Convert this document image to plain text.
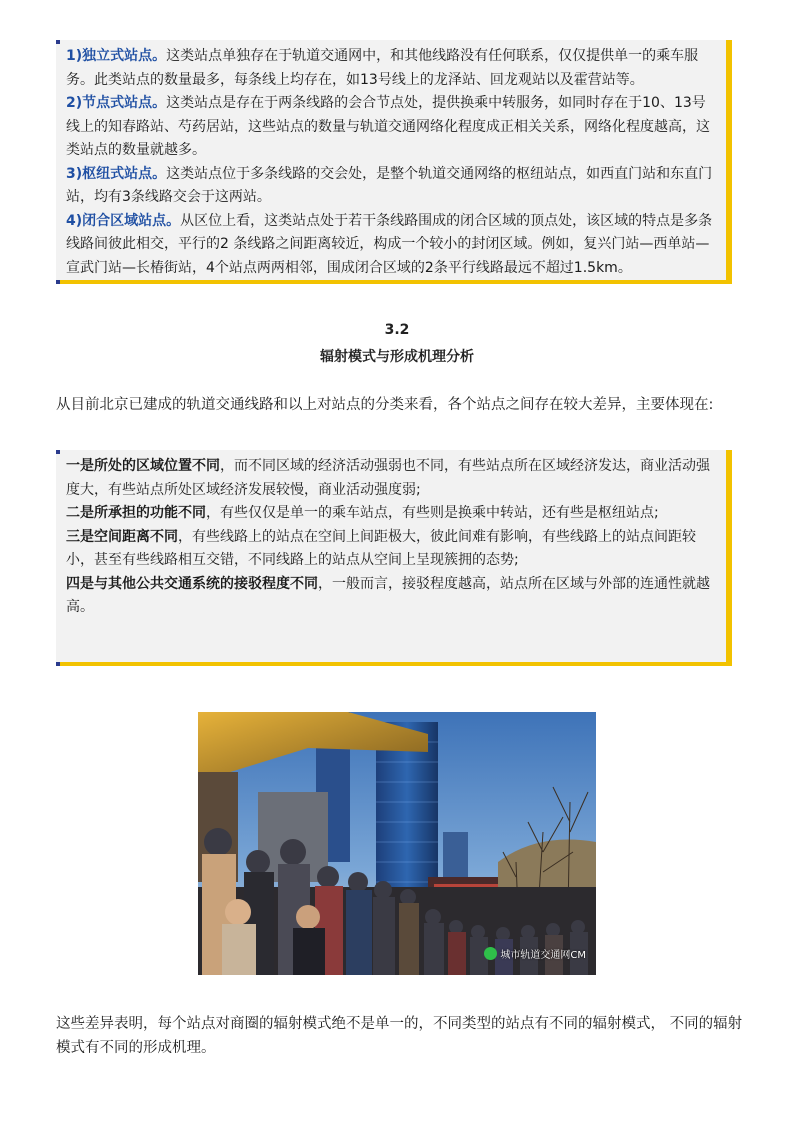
1)独立式站点。这类站点单独存在于轨道交通网中，和其他线路没有任何联系，仅仅提供单一的乘车服务。此类站点的数量最多，每条线上均存在，如13号线上的龙泽站、回龙观站以及霍营站等。

2)节点式站点。这类站点是存在于两条线路的会合节点处，提供换乘中转服务，如同时存在于10、13号线上的知春路站、芍药居站，这些站点的数量与轨道交通网络化程度成正相关关系，网络化程度越高，这类站点的数量就越多。

3)枢纽式站点。这类站点位于多条线路的交会处，是整个轨道交通网络的枢纽站点，如西直门站和东直门站，均有3条线路交会于这两站。

4)闭合区域站点。从区位上看，这类站点处于若干条线路围成的闭合区域的顶点处，该区域的特点是多条线路间彼此相交，平行的2 条线路之间距离较近，构成一个较小的封闭区域。例如，复兴门站—西单站—宣武门站—长椿街站，4个站点两两相邻，围成闭合区域的2条平行线路最远不超过1.5km。

3.2
辐射模式与形成机理分析

从目前北京已建成的轨道交通线路和以上对站点的分类来看，各个站点之间存在较大差异，主要体现在:

一是所处的区域位置不同，而不同区域的经济活动强弱也不同，有些站点所在区域经济发达，商业活动强度大，有些站点所处区域经济发展较慢，商业活动强度弱;

二是所承担的功能不同，有些仅仅是单一的乘车站点，有些则是换乘中转站，还有些是枢纽站点;

三是空间距离不同，有些线路上的站点在空间上间距极大，彼此间难有影响，有些线路上的站点间距较小，甚至有些线路相互交错，不同线路上的站点从空间上呈现簇拥的态势;

四是与其他公共交通系统的接驳程度不同，一般而言，接驳程度越高，站点所在区域与外部的连通性就越高。

城市轨道交通网CM

这些差异表明，每个站点对商圈的辐射模式绝不是单一的，不同类型的站点有不同的辐射模式， 不同的辐射模式有不同的形成机理。
